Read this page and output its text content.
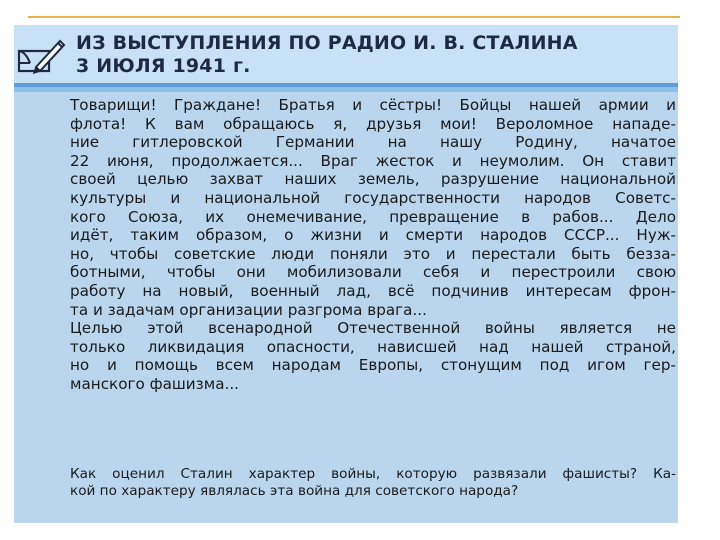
ИЗ ВЫСТУПЛЕНИЯ ПО РАДИО И. В. СТАЛИНА
3 ИЮЛЯ 1941 г.
Товарищи! Граждане! Братья и сёстры! Бойцы нашей армии и
флота! К вам обращаюсь я, друзья мои! Вероломное нападе-
ние гитлеровской Германии на нашу Родину, начатое
22 июня, продолжается... Враг жесток и неумолим. Он ставит
своей целью захват наших земель, разрушение национальной
культуры и национальной государственности народов Советс-
кого Союза, их онемечивание, превращение в рабов... Дело
идёт, таким образом, о жизни и смерти народов СССР... Нуж-
но, чтобы советские люди поняли это и перестали быть безза-
ботными, чтобы они мобилизовали себя и перестроили свою
работу на новый, военный лад, всё подчинив интересам фрон-
та и задачам организации разгрома врага...
Целью этой всенародной Отечественной войны является не
только ликвидация опасности, нависшей над нашей страной,
но и помощь всем народам Европы, стонущим под игом гер-
манского фашизма...
Как оценил Сталин характер войны, которую развязали фашисты? Ка-
кой по характеру являлась эта война для советского народа?
